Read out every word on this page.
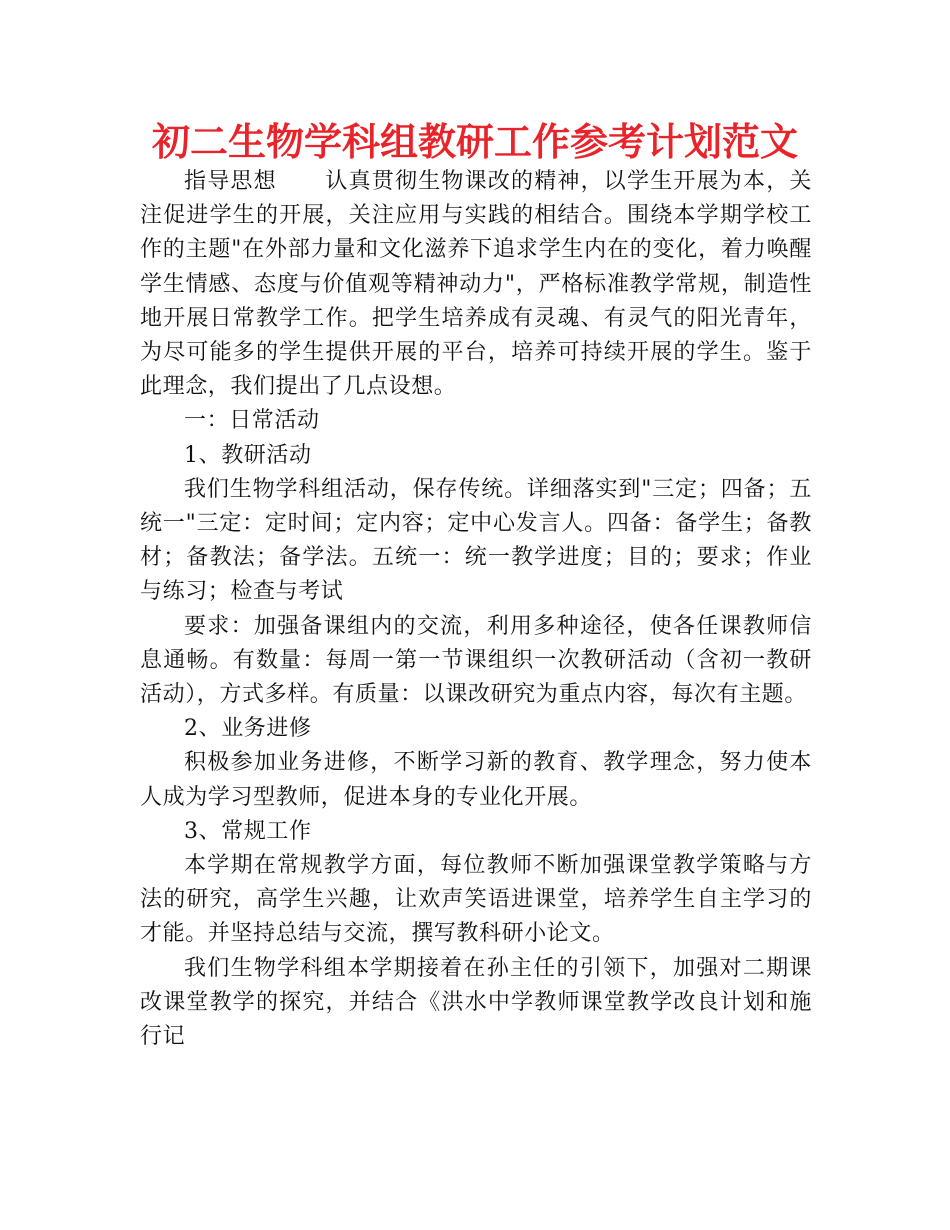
初二生物学科组教研工作参考计划范文

指导思想 认真贯彻生物课改的精神，以学生开展为本，关注促进学生的开展，关注应用与实践的相结合。围绕本学期学校工作的主题"在外部力量和文化滋养下追求学生内在的变化，着力唤醒学生情感、态度与价值观等精神动力"，严格标准教学常规，制造性地开展日常教学工作。把学生培养成有灵魂、有灵气的阳光青年，为尽可能多的学生提供开展的平台，培养可持续开展的学生。鉴于此理念，我们提出了几点设想。

一：日常活动

1、教研活动

我们生物学科组活动，保存传统。详细落实到"三定；四备；五统一"三定：定时间；定内容；定中心发言人。四备：备学生；备教材；备教法；备学法。五统一：统一教学进度；目的；要求；作业与练习；检查与考试

要求：加强备课组内的交流，利用多种途径，使各任课教师信息通畅。有数量：每周一第一节课组织一次教研活动（含初一教研活动），方式多样。有质量：以课改研究为重点内容，每次有主题。

2、业务进修

积极参加业务进修，不断学习新的教育、教学理念，努力使本人成为学习型教师，促进本身的专业化开展。

3、常规工作

本学期在常规教学方面，每位教师不断加强课堂教学策略与方法的研究，高学生兴趣，让欢声笑语进课堂，培养学生自主学习的才能。并坚持总结与交流，撰写教科研小论文。

我们生物学科组本学期接着在孙主任的引领下，加强对二期课改课堂教学的探究，并结合《洪水中学教师课堂教学改良计划和施行记
